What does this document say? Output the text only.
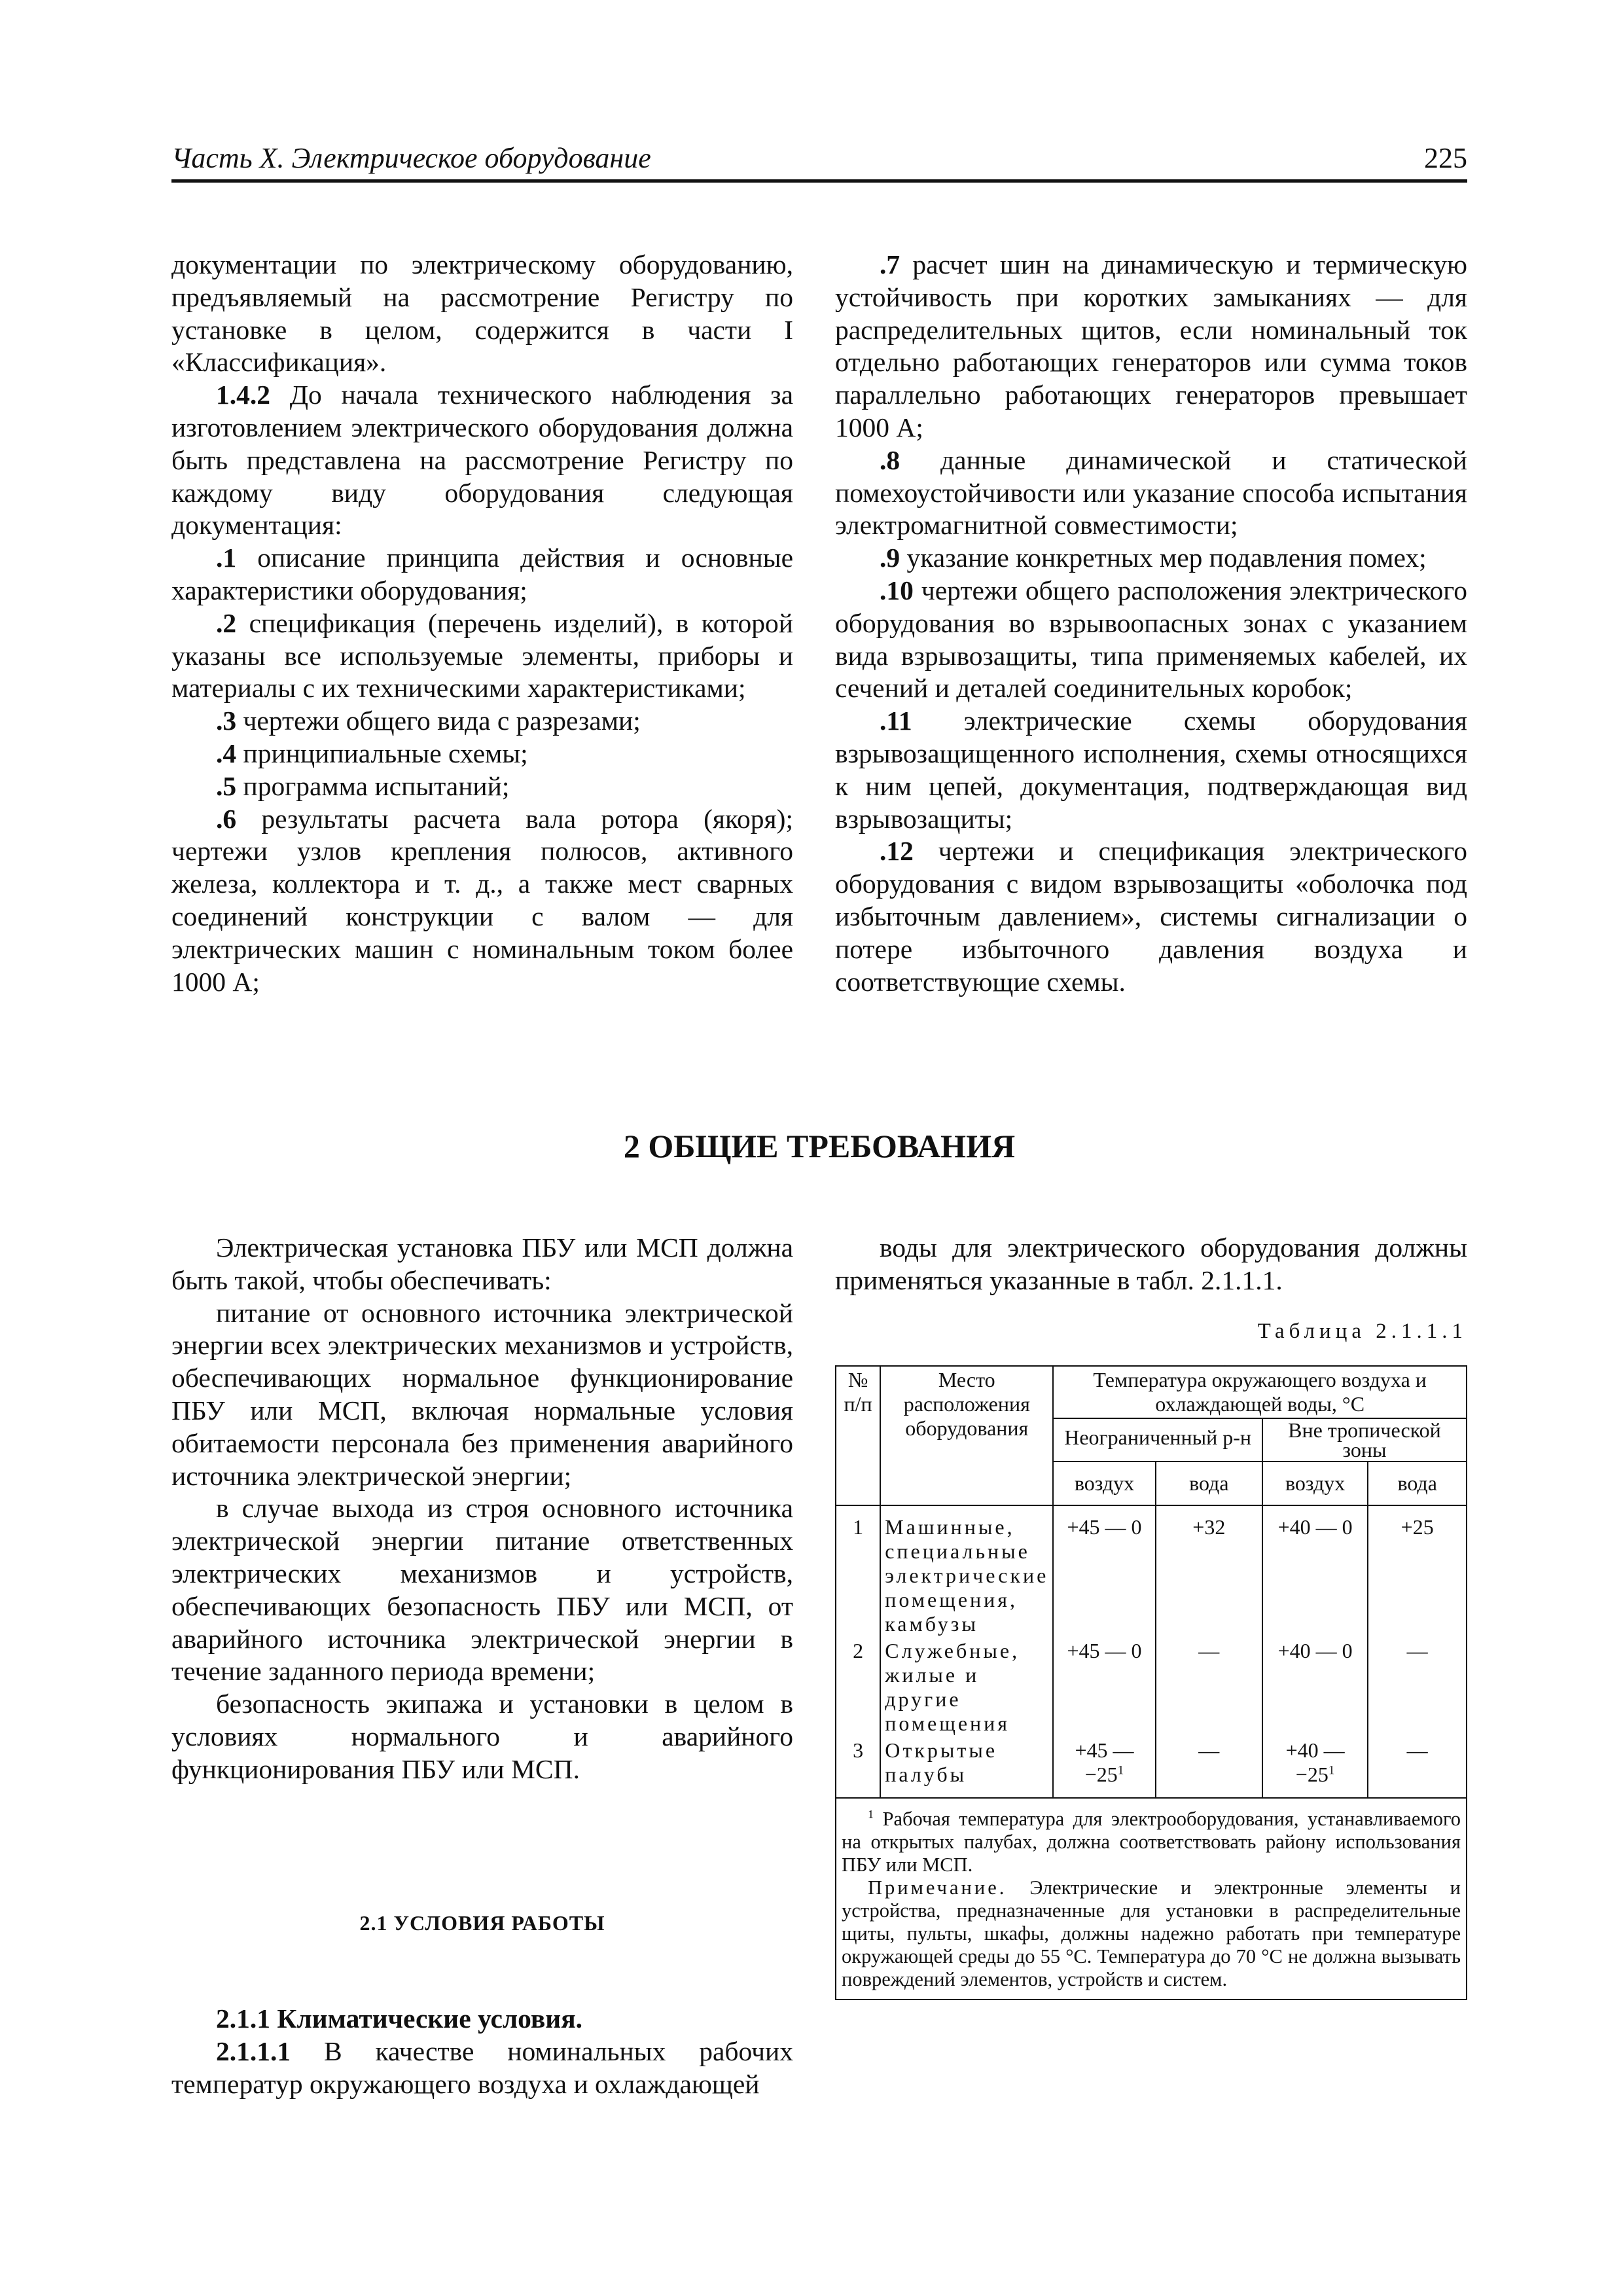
Часть X. Электрическое оборудование	225

документации по электрическому оборудованию, предъявляемый на рассмотрение Регистру по установке в целом, содержится в части I «Классификация».

1.4.2 До начала технического наблюдения за изготовлением электрического оборудования должна быть представлена на рассмотрение Регистру по каждому виду оборудования следующая документация:

.1 описание принципа действия и основные характеристики оборудования;

.2 спецификация (перечень изделий), в которой указаны все используемые элементы, приборы и материалы с их техническими характеристиками;

.3 чертежи общего вида с разрезами;

.4 принципиальные схемы;

.5 программа испытаний;

.6 результаты расчета вала ротора (якоря); чертежи узлов крепления полюсов, активного железа, коллектора и т. д., а также мест сварных соединений конструкции с валом — для электрических машин с номинальным током более 1000 А;

.7 расчет шин на динамическую и термическую устойчивость при коротких замыканиях — для распределительных щитов, если номинальный ток отдельно работающих генераторов или сумма токов параллельно работающих генераторов превышает 1000 А;

.8 данные динамической и статической помехоустойчивости или указание способа испытания электромагнитной совместимости;

.9 указание конкретных мер подавления помех;

.10 чертежи общего расположения электрического оборудования во взрывоопасных зонах с указанием вида взрывозащиты, типа применяемых кабелей, их сечений и деталей соединительных коробок;

.11 электрические схемы оборудования взрывозащищенного исполнения, схемы относящихся к ним цепей, документация, подтверждающая вид взрывозащиты;

.12 чертежи и спецификация электрического оборудования с видом взрывозащиты «оболочка под избыточным давлением», системы сигнализации о потере избыточного давления воздуха и соответствующие схемы.

2 ОБЩИЕ ТРЕБОВАНИЯ

Электрическая установка ПБУ или МСП должна быть такой, чтобы обеспечивать:

питание от основного источника электрической энергии всех электрических механизмов и устройств, обеспечивающих нормальное функционирование ПБУ или МСП, включая нормальные условия обитаемости персонала без применения аварийного источника электрической энергии;

в случае выхода из строя основного источника электрической энергии питание ответственных электрических механизмов и устройств, обеспечивающих безопасность ПБУ или МСП, от аварийного источника электрической энергии в течение заданного периода времени;

безопасность экипажа и установки в целом в условиях нормального и аварийного функционирования ПБУ или МСП.

2.1 УСЛОВИЯ РАБОТЫ

2.1.1 Климатические условия.

2.1.1.1 В качестве номинальных рабочих температур окружающего воздуха и охлаждающей

воды для электрического оборудования должны применяться указанные в табл. 2.1.1.1.

Таблица 2.1.1.1
№ п/п	Место расположения оборудования	Температура окружающего воздуха и охлаждающей воды, °С			
		Неограниченный р-н		Вне тропической зоны	
		воздух	вода	воздух	вода
1	Машинные, специальные электрические помещения, камбузы	+45 — 0	+32	+40 — 0	+25
2	Служебные, жилые и другие помещения	+45 — 0	—	+40 — 0	—
3	Открытые палубы	+45 — $-25^1$	—	+40 — $-25^1$	—

$^1$ Рабочая температура для электрооборудования, устанавливаемого на открытых палубах, должна соответствовать району использования ПБУ или МСП.

Примечание. Электрические и электронные элементы и устройства, предназначенные для установки в распределительные щиты, пульты, шкафы, должны надежно работать при температуре окружающей среды до 55 °С. Температура до 70 °С не должна вызывать повреждений элементов, устройств и систем.					
